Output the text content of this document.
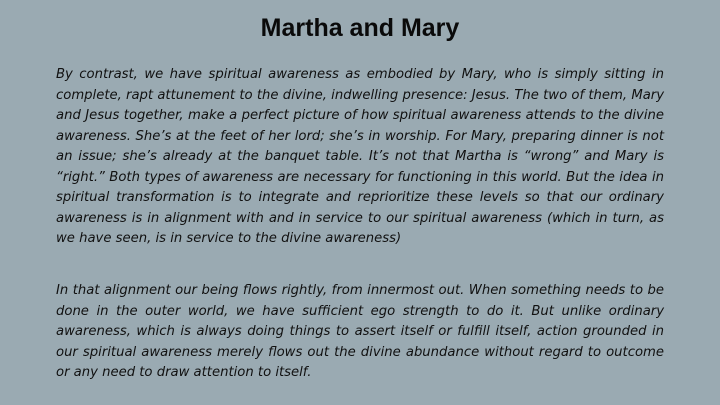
Martha and Mary

By contrast, we have spiritual awareness as embodied by Mary, who is simply sitting in complete, rapt attunement to the divine, indwelling presence: Jesus. The two of them, Mary and Jesus together, make a perfect picture of how spiritual awareness attends to the divine awareness. She’s at the feet of her lord; she’s in worship. For Mary, preparing dinner is not an issue; she’s already at the banquet table. It’s not that Martha is “wrong” and Mary is “right.” Both types of awareness are necessary for functioning in this world. But the idea in spiritual transformation is to integrate and reprioritize these levels so that our ordinary awareness is in alignment with and in service to our spiritual awareness (which in turn, as we have seen, is in service to the divine awareness)

In that alignment our being flows rightly, from innermost out. When something needs to be done in the outer world, we have sufficient ego strength to do it. But unlike ordinary awareness, which is always doing things to assert itself or fulfill itself, action grounded in our spiritual awareness merely flows out the divine abundance without regard to outcome or any need to draw attention to itself.
